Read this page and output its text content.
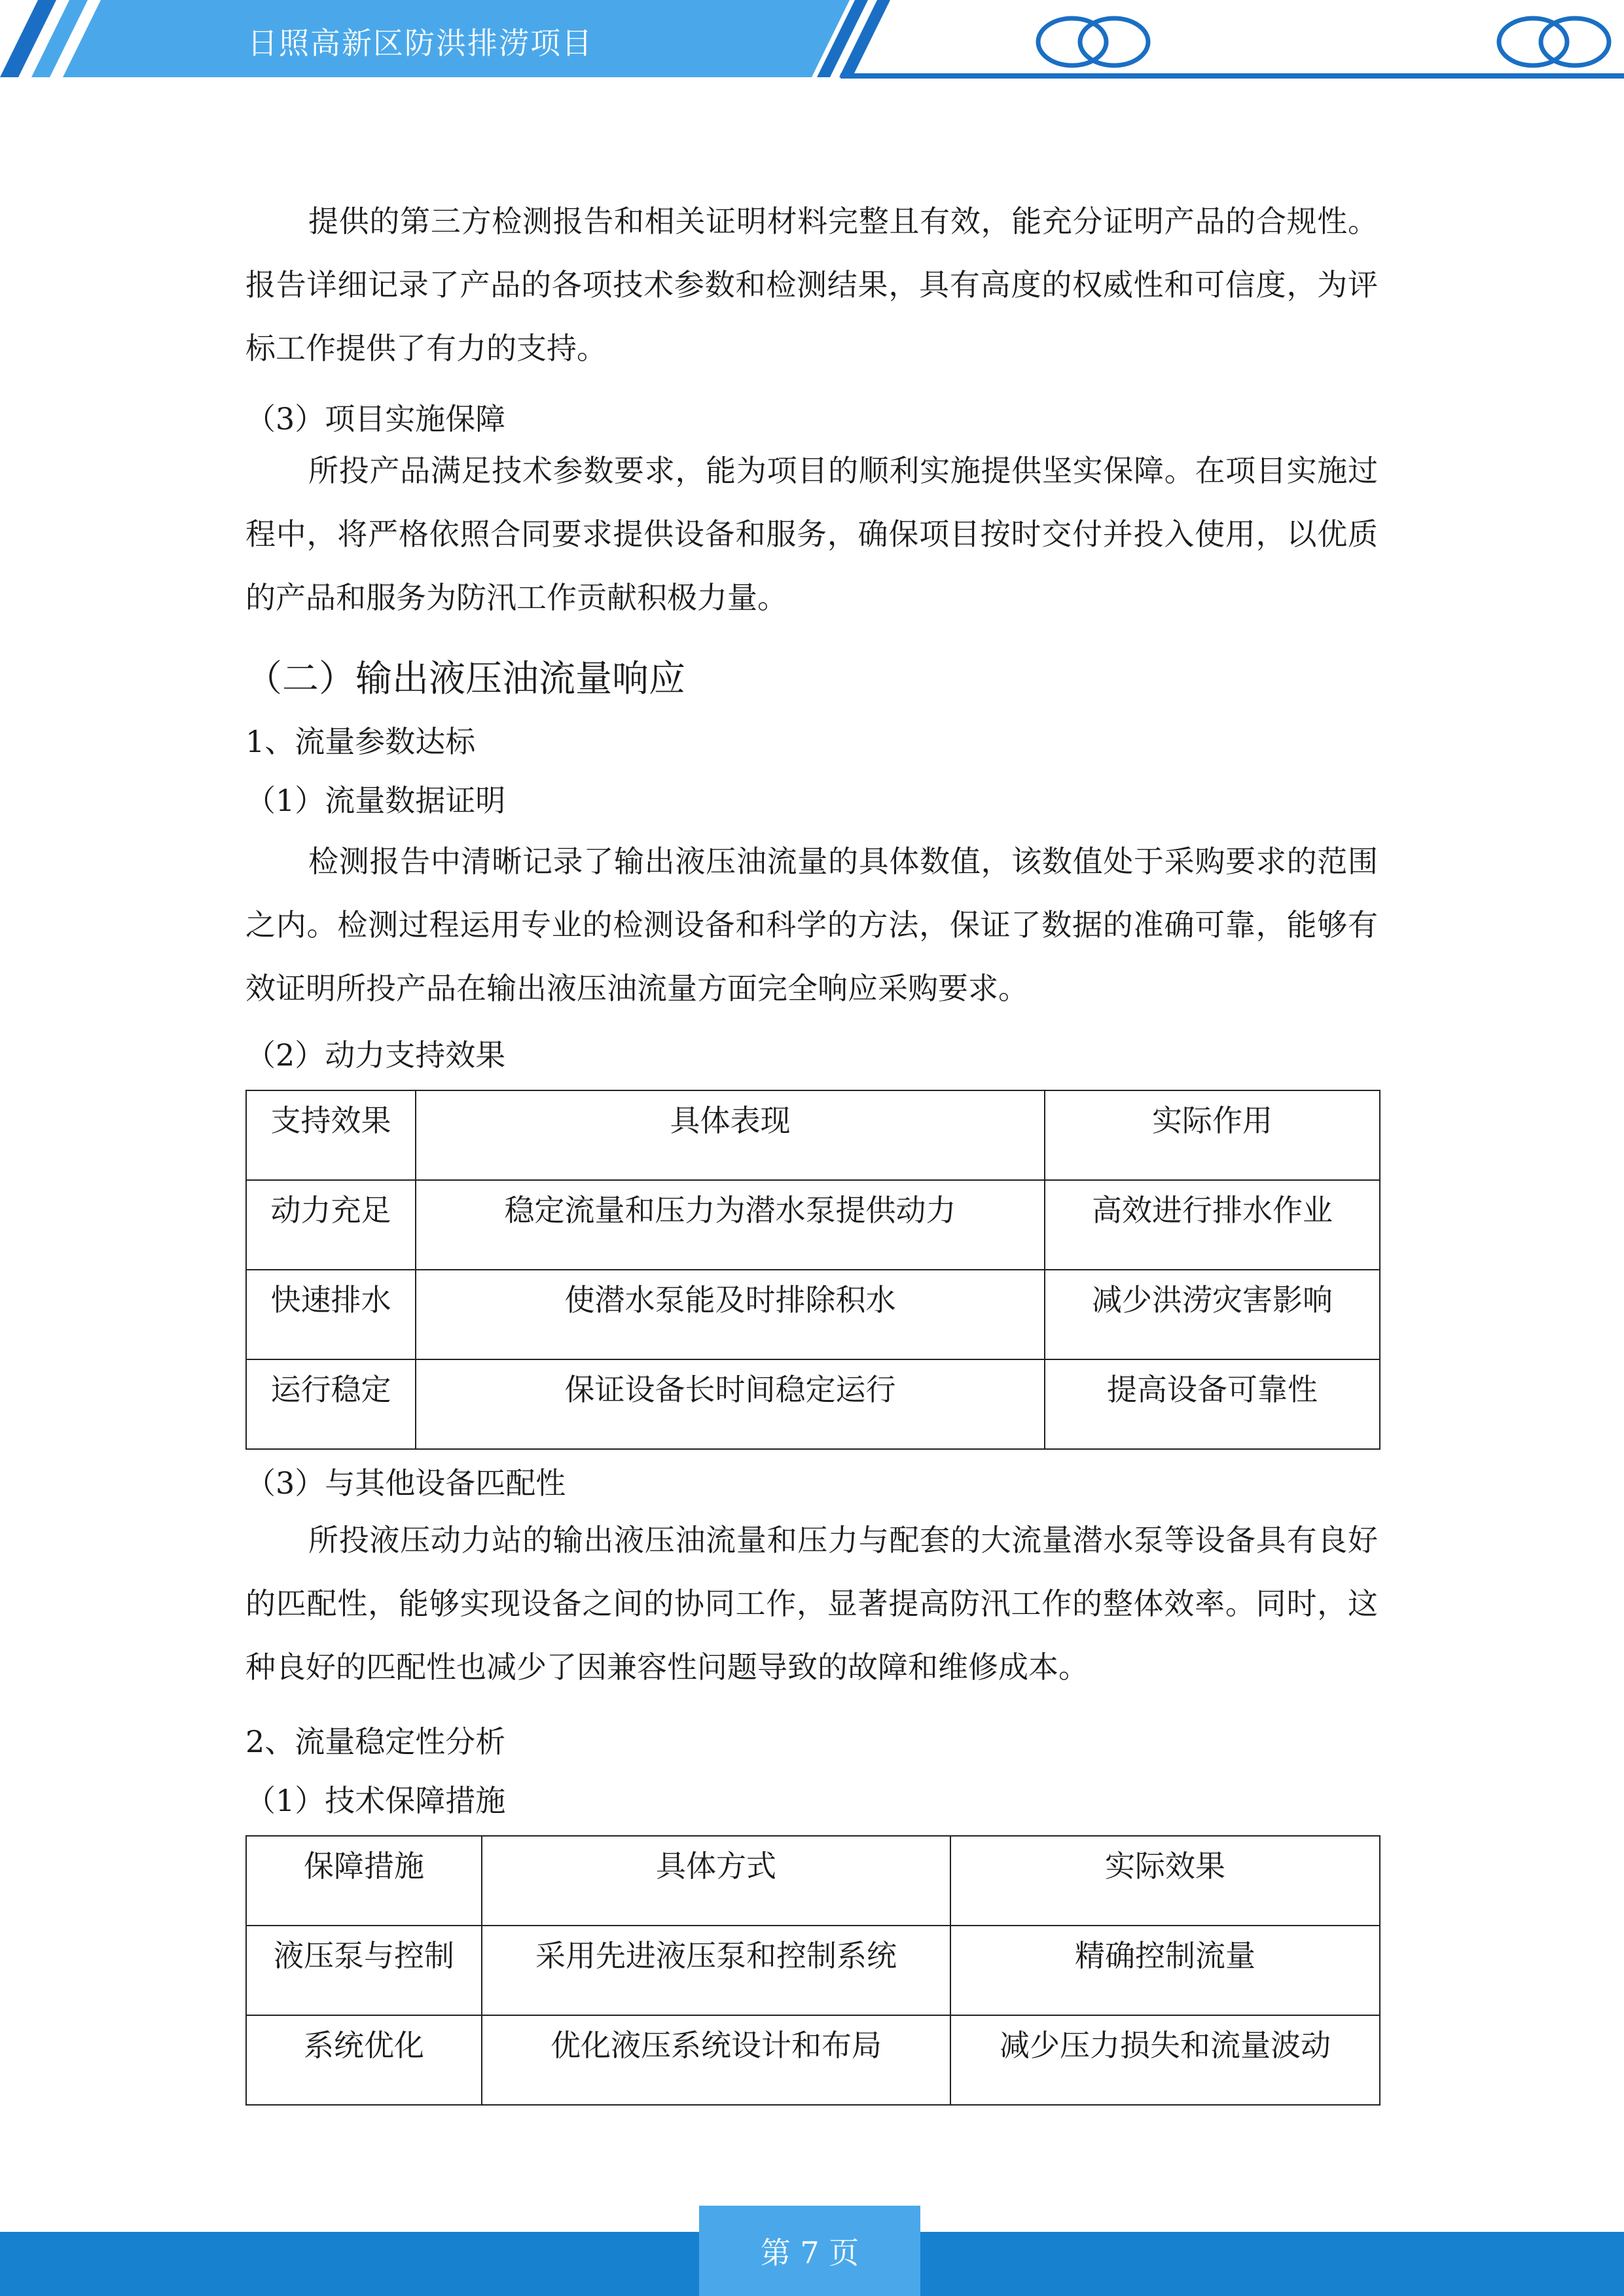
日照高新区防洪排涝项目

提供的第三方检测报告和相关证明材料完整且有效，能充分证明产品的合规性。报告详细记录了产品的各项技术参数和检测结果，具有高度的权威性和可信度，为评标工作提供了有力的支持。

（3）项目实施保障

所投产品满足技术参数要求，能为项目的顺利实施提供坚实保障。在项目实施过程中，将严格依照合同要求提供设备和服务，确保项目按时交付并投入使用，以优质的产品和服务为防汛工作贡献积极力量。

（二）输出液压油流量响应

1、流量参数达标

（1）流量数据证明

检测报告中清晰记录了输出液压油流量的具体数值，该数值处于采购要求的范围之内。检测过程运用专业的检测设备和科学的方法，保证了数据的准确可靠，能够有效证明所投产品在输出液压油流量方面完全响应采购要求。

（2）动力支持效果

支持效果	具体表现	实际作用
动力充足	稳定流量和压力为潜水泵提供动力	高效进行排水作业
快速排水	使潜水泵能及时排除积水	减少洪涝灾害影响
运行稳定	保证设备长时间稳定运行	提高设备可靠性

（3）与其他设备匹配性

所投液压动力站的输出液压油流量和压力与配套的大流量潜水泵等设备具有良好的匹配性，能够实现设备之间的协同工作，显著提高防汛工作的整体效率。同时，这种良好的匹配性也减少了因兼容性问题导致的故障和维修成本。

2、流量稳定性分析

（1）技术保障措施

保障措施	具体方式	实际效果
液压泵与控制	采用先进液压泵和控制系统	精确控制流量
系统优化	优化液压系统设计和布局	减少压力损失和流量波动
第 7 页
